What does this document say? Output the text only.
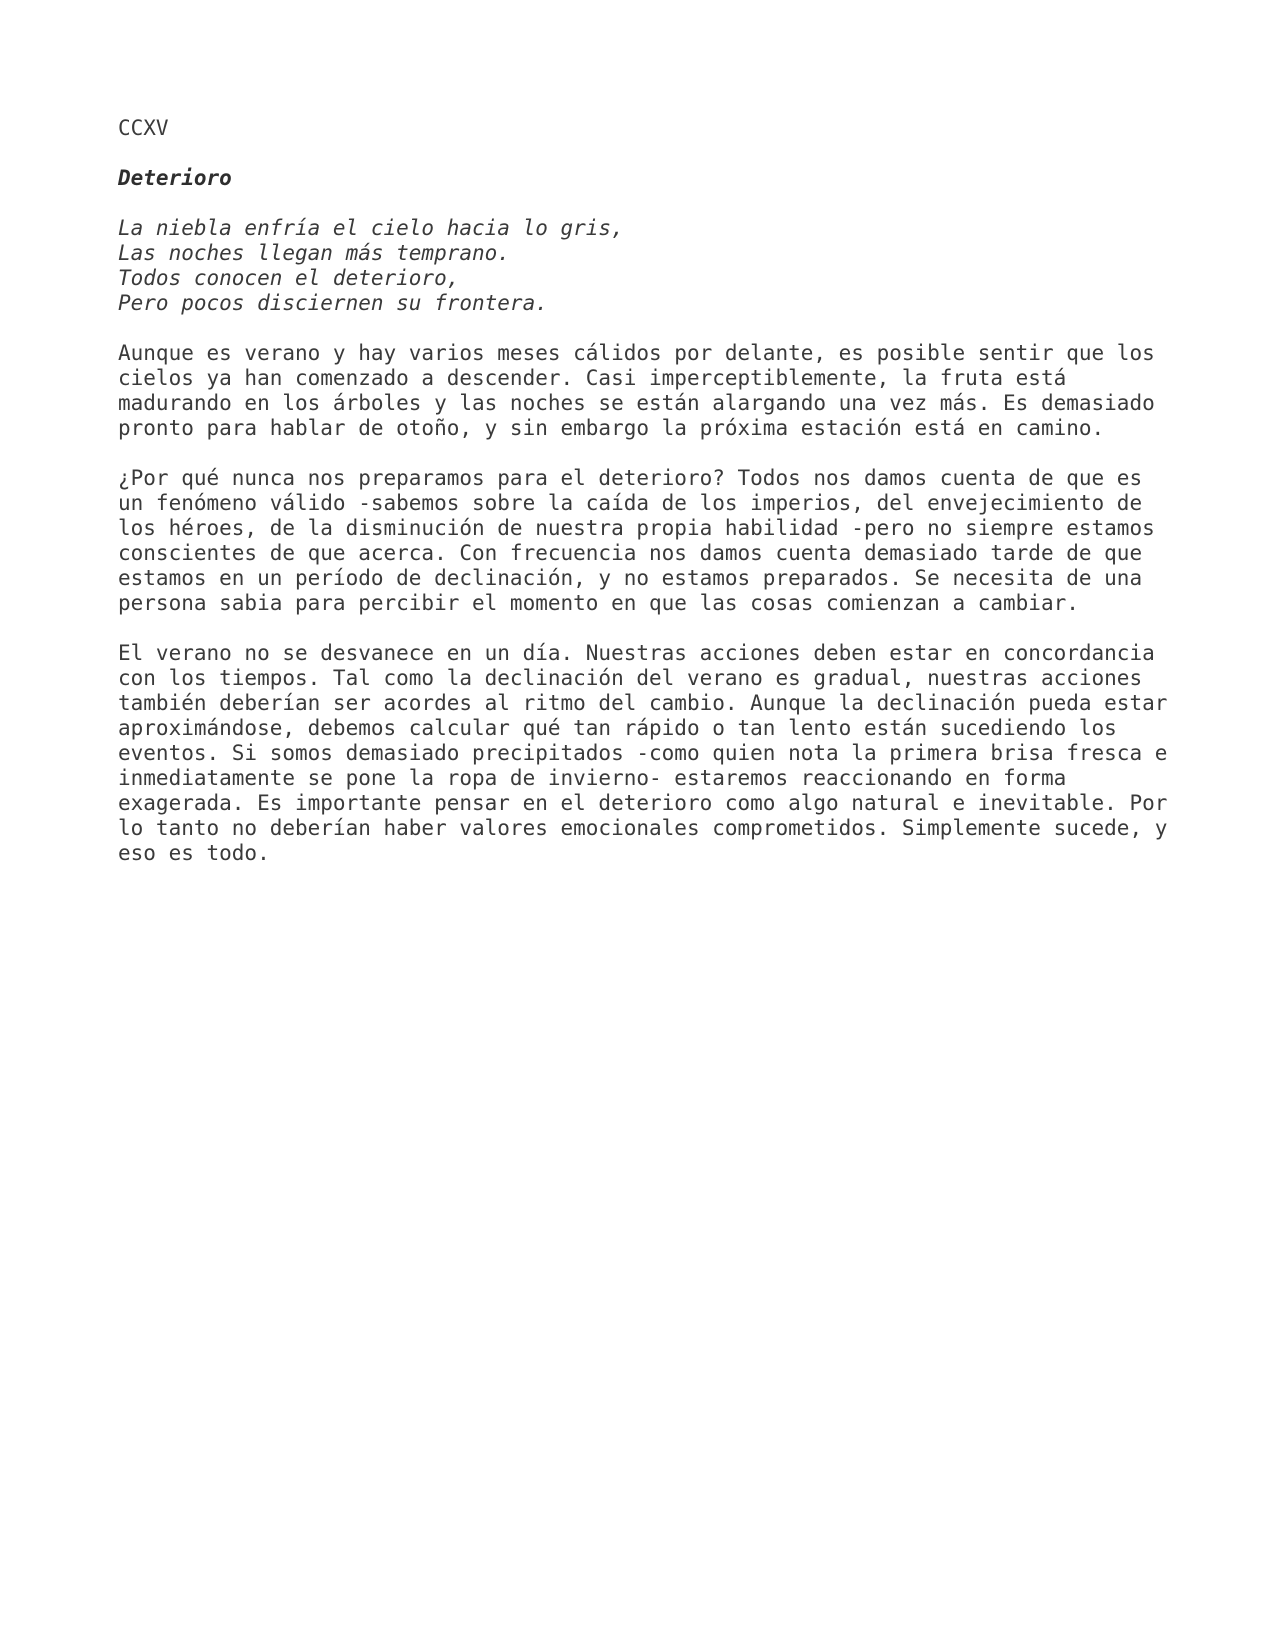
CCXV
Deterioro
La niebla enfría el cielo hacia lo gris,
Las noches llegan más temprano.
Todos conocen el deterioro,
Pero pocos disciernen su frontera.
Aunque es verano y hay varios meses cálidos por delante, es posible sentir que los
cielos ya han comenzado a descender. Casi imperceptiblemente, la fruta está
madurando en los árboles y las noches se están alargando una vez más. Es demasiado
pronto para hablar de otoño, y sin embargo la próxima estación está en camino.
¿Por qué nunca nos preparamos para el deterioro? Todos nos damos cuenta de que es
un fenómeno válido -sabemos sobre la caída de los imperios, del envejecimiento de
los héroes, de la disminución de nuestra propia habilidad -pero no siempre estamos
conscientes de que acerca. Con frecuencia nos damos cuenta demasiado tarde de que
estamos en un período de declinación, y no estamos preparados. Se necesita de una
persona sabia para percibir el momento en que las cosas comienzan a cambiar.
El verano no se desvanece en un día. Nuestras acciones deben estar en concordancia
con los tiempos. Tal como la declinación del verano es gradual, nuestras acciones
también deberían ser acordes al ritmo del cambio. Aunque la declinación pueda estar
aproximándose, debemos calcular qué tan rápido o tan lento están sucediendo los
eventos. Si somos demasiado precipitados -como quien nota la primera brisa fresca e
inmediatamente se pone la ropa de invierno- estaremos reaccionando en forma
exagerada. Es importante pensar en el deterioro como algo natural e inevitable. Por
lo tanto no deberían haber valores emocionales comprometidos. Simplemente sucede, y
eso es todo.
